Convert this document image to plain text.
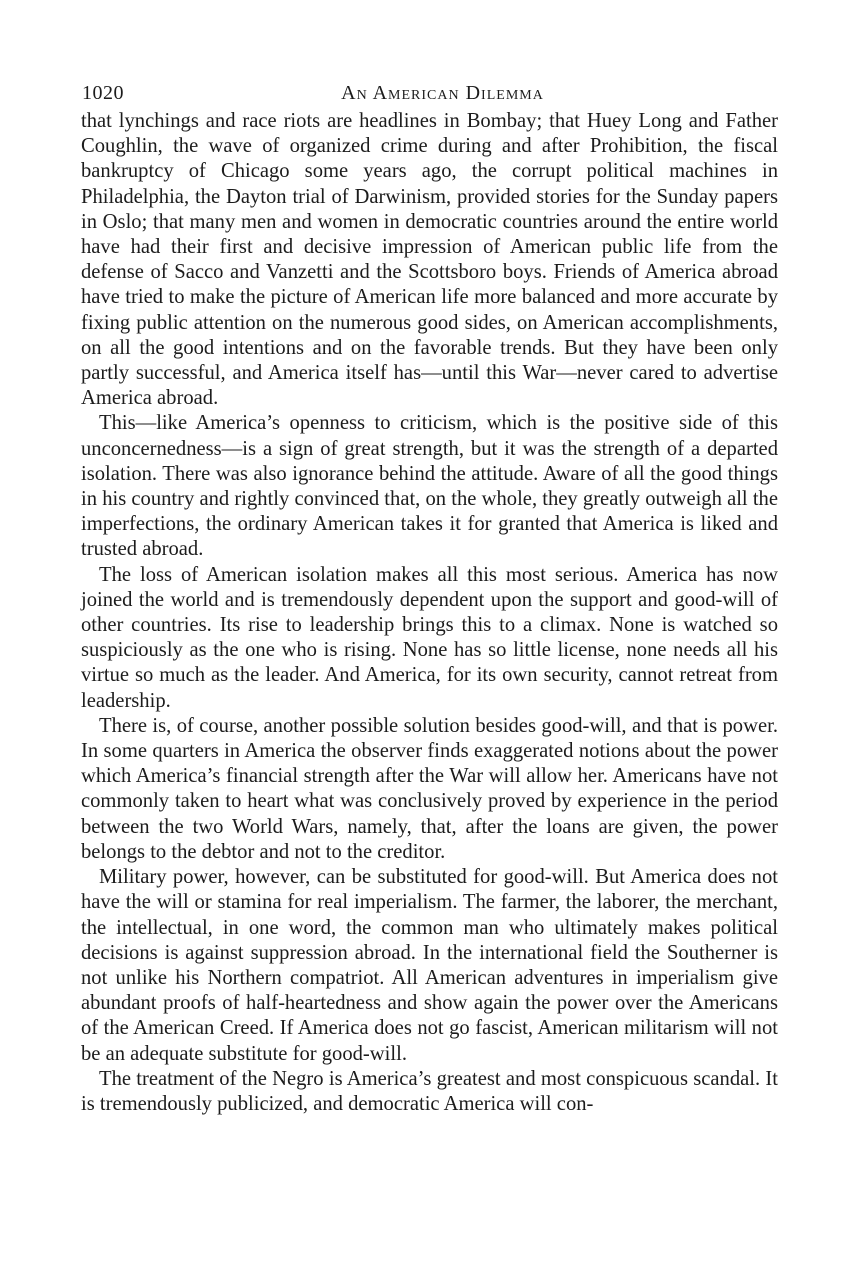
1020	An American Dilemma

that lynchings and race riots are headlines in Bombay; that Huey Long and Father Coughlin, the wave of organized crime during and after Prohibition, the fiscal bankruptcy of Chicago some years ago, the corrupt political machines in Philadelphia, the Dayton trial of Darwinism, provided stories for the Sunday papers in Oslo; that many men and women in democratic countries around the entire world have had their first and decisive impression of American public life from the defense of Sacco and Vanzetti and the Scottsboro boys. Friends of America abroad have tried to make the picture of American life more balanced and more accurate by fixing public attention on the numerous good sides, on American accomplishments, on all the good intentions and on the favorable trends. But they have been only partly successful, and America itself has—until this War—never cared to advertise America abroad.

This—like America’s openness to criticism, which is the positive side of this unconcernedness—is a sign of great strength, but it was the strength of a departed isolation. There was also ignorance behind the attitude. Aware of all the good things in his country and rightly convinced that, on the whole, they greatly outweigh all the imperfections, the ordinary American takes it for granted that America is liked and trusted abroad.

The loss of American isolation makes all this most serious. America has now joined the world and is tremendously dependent upon the support and good-will of other countries. Its rise to leadership brings this to a climax. None is watched so suspiciously as the one who is rising. None has so little license, none needs all his virtue so much as the leader. And America, for its own security, cannot retreat from leadership.

There is, of course, another possible solution besides good-will, and that is power. In some quarters in America the observer finds exaggerated notions about the power which America’s financial strength after the War will allow her. Americans have not commonly taken to heart what was conclusively proved by experience in the period between the two World Wars, namely, that, after the loans are given, the power belongs to the debtor and not to the creditor.

Military power, however, can be substituted for good-will. But America does not have the will or stamina for real imperialism. The farmer, the laborer, the merchant, the intellectual, in one word, the common man who ultimately makes political decisions is against suppression abroad. In the international field the Southerner is not unlike his Northern compatriot. All American adventures in imperialism give abundant proofs of half-heartedness and show again the power over the Americans of the American Creed. If America does not go fascist, American militarism will not be an adequate substitute for good-will.

The treatment of the Negro is America’s greatest and most conspicuous scandal. It is tremendously publicized, and democratic America will con-
